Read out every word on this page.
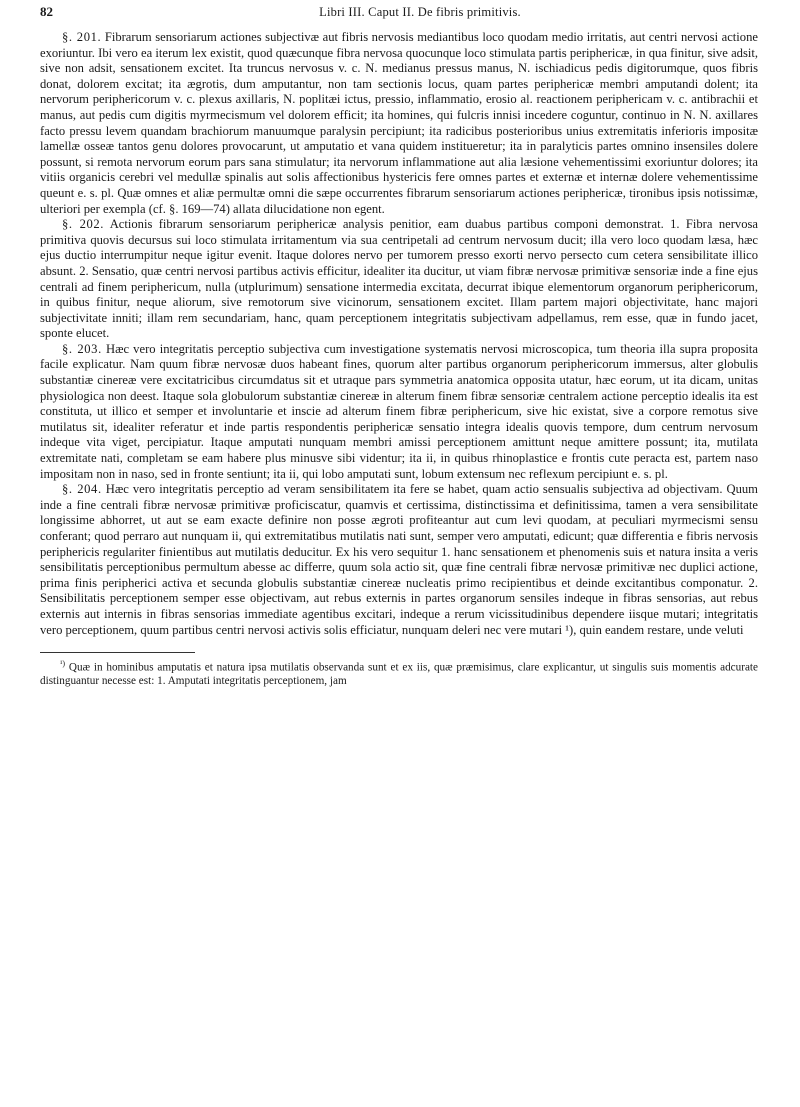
82	Libri III. Caput II. De fibris primitivis.

§. 201. Fibrarum sensoriarum actiones subjectivæ aut fibris nervosis mediantibus loco quodam medio irritatis, aut centri nervosi actione exoriuntur. Ibi vero ea iterum lex existit, quod quæcunque fibra nervosa quocunque loco stimulata partis periphericæ, in qua finitur, sive adsit, sive non adsit, sensationem excitet. Ita truncus nervosus v. c. N. medianus pressus manus, N. ischiadicus pedis digitorumque, quos fibris donat, dolorem excitat; ita ægrotis, dum amputantur, non tam sectionis locus, quam partes periphericæ membri amputandi dolent; ita nervorum periphericorum v. c. plexus axillaris, N. poplitæi ictus, pressio, inflammatio, erosio al. reactionem periphericam v. c. antibrachii et manus, aut pedis cum digitis myrmecismum vel dolorem efficit; ita homines, qui fulcris innisi incedere coguntur, continuo in N. N. axillares facto pressu levem quandam brachiorum manuumque paralysin percipiunt; ita radicibus posterioribus unius extremitatis inferioris impositæ lamellæ osseæ tantos genu dolores provocarunt, ut amputatio et vana quidem institueretur; ita in paralyticis partes omnino insensiles dolere possunt, si remota nervorum eorum pars sana stimulatur; ita nervorum inflammatione aut alia læsione vehementissimi exoriuntur dolores; ita vitiis organicis cerebri vel medullæ spinalis aut solis affectionibus hystericis fere omnes partes et externæ et internæ dolere vehementissime queunt e. s. pl. Quæ omnes et aliæ permultæ omni die sæpe occurrentes fibrarum sensoriarum actiones periphericæ, tironibus ipsis notissimæ, ulteriori per exempla (cf. §. 169—74) allata dilucidatione non egent.

§. 202. Actionis fibrarum sensoriarum periphericæ analysis penitior, eam duabus partibus componi demonstrat. 1. Fibra nervosa primitiva quovis decursus sui loco stimulata irritamentum via sua centripetali ad centrum nervosum ducit; illa vero loco quodam læsa, hæc ejus ductio interrumpitur neque igitur evenit. Itaque dolores nervo per tumorem presso exorti nervo persecto cum cetera sensibilitate illico absunt. 2. Sensatio, quæ centri nervosi partibus activis efficitur, idealiter ita ducitur, ut viam fibræ nervosæ primitivæ sensoriæ inde a fine ejus centrali ad finem periphericum, nulla (utplurimum) sensatione intermedia excitata, decurrat ibique elementorum organorum periphericorum, in quibus finitur, neque aliorum, sive remotorum sive vicinorum, sensationem excitet. Illam partem majori objectivitate, hanc majori subjectivitate inniti; illam rem secundariam, hanc, quam perceptionem integritatis subjectivam adpellamus, rem esse, quæ in fundo jacet, sponte elucet.

§. 203. Hæc vero integritatis perceptio subjectiva cum investigatione systematis nervosi microscopica, tum theoria illa supra proposita facile explicatur. Nam quum fibræ nervosæ duos habeant fines, quorum alter partibus organorum periphericorum immersus, alter globulis substantiæ cinereæ vere excitatricibus circumdatus sit et utraque pars symmetria anatomica opposita utatur, hæc eorum, ut ita dicam, unitas physiologica non deest. Itaque sola globulorum substantiæ cinereæ in alterum finem fibræ sensoriæ centralem actione perceptio idealis ita est constituta, ut illico et semper et involuntarie et inscie ad alterum finem fibræ periphericum, sive hic existat, sive a corpore remotus sive mutilatus sit, idealiter referatur et inde partis respondentis periphericæ sensatio integra idealis quovis tempore, dum centrum nervosum indeque vita viget, percipiatur. Itaque amputati nunquam membri amissi perceptionem amittunt neque amittere possunt; ita, mutilata extremitate nati, completam se eam habere plus minusve sibi videntur; ita ii, in quibus rhinoplastice e frontis cute peracta est, partem naso impositam non in naso, sed in fronte sentiunt; ita ii, qui lobo amputati sunt, lobum extensum nec reflexum percipiunt e. s. pl.

§. 204. Hæc vero integritatis perceptio ad veram sensibilitatem ita fere se habet, quam actio sensualis subjectiva ad objectivam. Quum inde a fine centrali fibræ nervosæ primitivæ proficiscatur, quamvis et certissima, distinctissima et definitissima, tamen a vera sensibilitate longissime abhorret, ut aut se eam exacte definire non posse ægroti profiteantur aut cum levi quodam, at peculiari myrmecismi sensu conferant; quod perraro aut nunquam ii, qui extremitatibus mutilatis nati sunt, semper vero amputati, edicunt; quæ differentia e fibris nervosis periphericis regulariter finientibus aut mutilatis deducitur. Ex his vero sequitur 1. hanc sensationem et phenomenis suis et natura insita a veris sensibilitatis perceptionibus permultum abesse ac differre, quum sola actio sit, quæ fine centrali fibræ nervosæ primitivæ nec duplici actione, prima finis peripherici activa et secunda globulis substantiæ cinereæ nucleatis primo recipientibus et deinde excitantibus componatur. 2. Sensibilitatis perceptionem semper esse objectivam, aut rebus externis in partes organorum sensiles indeque in fibras sensorias, aut rebus externis aut internis in fibras sensorias immediate agentibus excitari, indeque a rerum vicissitudinibus dependere iisque mutari; integritatis vero perceptionem, quum partibus centri nervosi activis solis efficiatur, nunquam deleri nec vere mutari ¹), quin eandem restare, unde veluti

$^{^1)}$ Quæ in hominibus amputatis et natura ipsa mutilatis observanda sunt et ex iis, quæ præmisimus, clare explicantur, ut singulis suis momentis adcurate distinguantur necesse est: 1. Amputati integritatis perceptionem, jam
